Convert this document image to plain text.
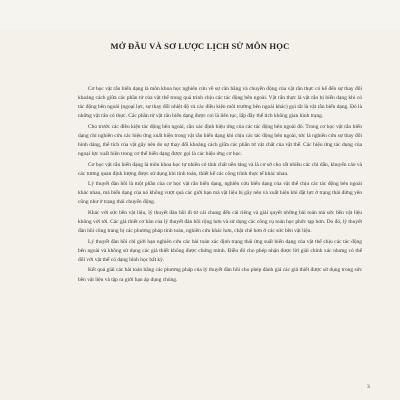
MỞ ĐẦU VÀ SƠ LƯỢC LỊCH SỬ MÔN HỌC

Cơ học vật rắn biến dạng là môn khoa học nghiên cứu về sự cân bằng và chuyển động của vật rắn thực có kể đến sự thay đổi khoảng cách giữa các phần tử của vật thể trong quá trình chịu các tác động bên ngoài. Vật rắn thực là vật rắn bị biến dạng khi có tác động bên ngoài (ngoại lực, sự thay đổi nhiệt độ và các điều kiện môi trường bên ngoài khác) gọi tắt là vật rắn biến dạng. Đó là những vật rắn có thực. Các phần tử vật rắn biến dạng được coi là liên tục, lấp đầy thể tích không gian hình trạng.

Cho trước các điều kiện tác động bên ngoài, cần xác định hiệu ứng của các tác động bên ngoài đó. Trong cơ học vật rắn biến dạng chỉ nghiên cứu các hiệu ứng xuất hiện trong vật rắn biến dạng khi chịu các tác động bên ngoài, tức là nghiên cứu sự thay đổi hình dáng, thể tích của vật gây nên do sự thay đổi khoảng cách giữa các phần tử vật chất của vật thể. Các hiệu ứng tác dụng của ngoại lực xuất hiện trong cơ thể biến dạng được gọi là các hiệu ứng cơ học.

Cơ học vật rắn biến dạng là môn khoa học tự nhiên có tính chất nền tảng và là cơ sở cho rất nhiều các chỉ dẫn, khuyến cáo và các tương quan định lượng được sử dụng khi tính toán, thiết kế các công trình thực tế khác nhau.

Lý thuyết đàn hồi là một phần của cơ học vật rắn biến dạng, nghiên cứu biến dạng của vật thể chịu các tác động bên ngoài khác nhau, mà biến dạng của nó không vượt quá các giới hạn mà vật liệu bị gãy nên và xuất hiện khi đặt lực ở trạng thái đứng yên cũng như ở trạng thái chuyển động.

Khác với sức bền vật liệu, lý thuyết đàn hồi đi từ cái chung đến cái riêng và giải quyết những bài toán mà sức bền vật liệu không với tới. Các giả thiết cơ bản của lý thuyết đàn hồi rộng hơn và sử dụng các công cụ toán học phức tạp hơn. Do đó, lý thuyết đàn hồi cũng trang bị các phương pháp tính toán, nghiên cứu khác hơn, chặt chẽ hơn ở các sức bền vật liệu.

Lý thuyết đàn hồi chỉ giới hạn nghiên cứu các bài toán xác định trạng thái ứng suất biến dạng của vật thể chịu các tác động bên ngoài và không sử dụng các giả thiết không được chứng minh. Điều đó cho phép nhận được lời giải chính xác nhưng có thể đối với vật thể có dạng hình học bất kỳ.

Kết quả giải các bài toán bằng các phương pháp của lý thuyết đàn hồi cho phép đánh giá các giả thiết được sử dụng trong sức bền vật liệu và tập ra giới hạn áp dụng chúng.

3
